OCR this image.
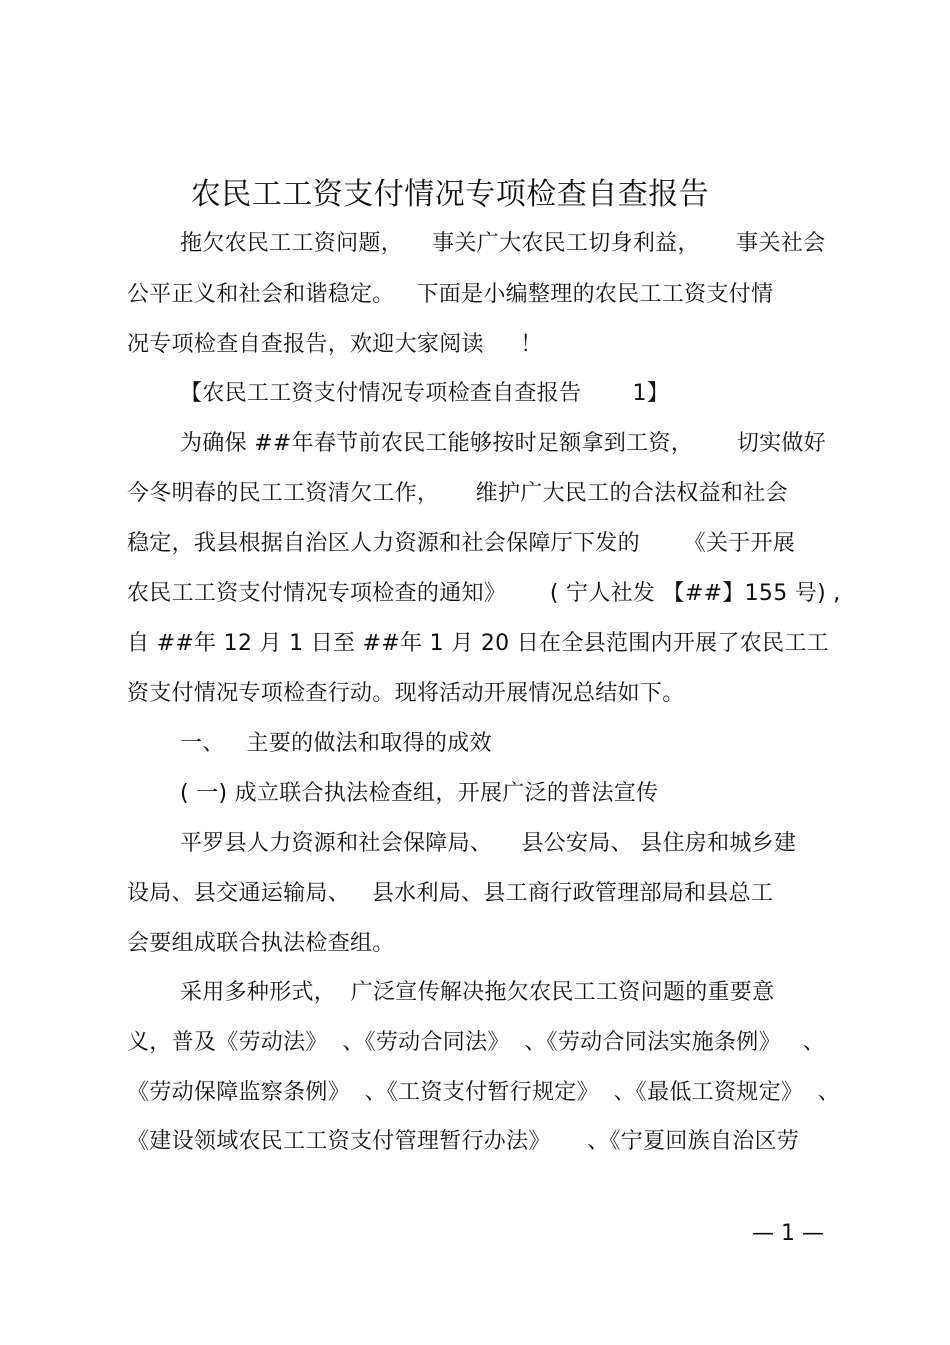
农民工工资支付情况专项检查自查报告

拖欠农民工工资问题，    事关广大农民工切身利益，     事关社会

公平正义和社会和谐稳定。   下面是小编整理的农民工工资支付情

况专项检查自查报告，欢迎大家阅读     ！

【农民工工资支付情况专项检查自查报告       1】

为确保 ##年春节前农民工能够按时足额拿到工资，      切实做好

今冬明春的民工工资清欠工作，     维护广大民工的合法权益和社会

稳定，我县根据自治区人力资源和社会保障厅下发的      《关于开展

农民工工资支付情况专项检查的通知》      ( 宁人社发 【##】155 号) ,

自 ##年 12 月 1 日至 ##年 1 月 20 日在全县范围内开展了农民工工

资支付情况专项检查行动。现将活动开展情况总结如下。

一、   主要的做法和取得的成效

( 一) 成立联合执法检查组，开展广泛的普法宣传

平罗县人力资源和社会保障局、    县公安局、 县住房和城乡建

设局、县交通运输局、   县水利局、县工商行政管理部局和县总工

会要组成联合执法检查组。

采用多种形式，  广泛宣传解决拖欠农民工工资问题的重要意

义，普及《劳动法》  、《劳动合同法》  、《劳动合同法实施条例》   、

《劳动保障监察条例》  、《工资支付暂行规定》  、《最低工资规定》  、

《建设领域农民工工资支付管理暂行办法》     、《宁夏回族自治区劳

— 1 —
